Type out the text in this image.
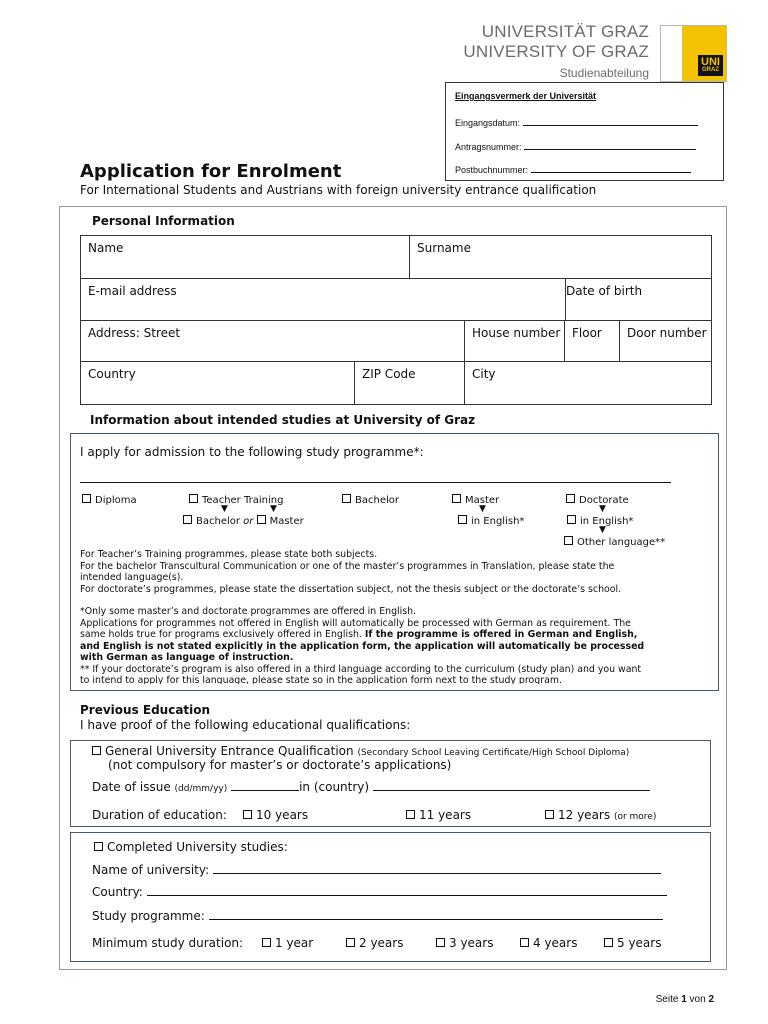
UNIVERSITÄT GRAZ
UNIVERSITY OF GRAZ
Studienabteilung
UNI
GRAZ
Eingangsvermerk der Universität
Eingangsdatum:
Antragsnummer:
Postbuchnummer:
Application for Enrolment
For International Students and Austrians with foreign university entrance qualification
Personal Information
Name	Surname
E-mail address	Date of birth
Address: Street	House number Floor	Door number
Country	ZIP Code	City
Information about intended studies at University of Graz
I apply for admission to the following study programme*:
Diploma	Teacher Training	Bachelor	Master	Doctorate
▼	▼	▼	▼
▼
Bachelor or Master	in English*	in English*
Other language**
For Teacher’s Training programmes, please state both subjects.
For the bachelor Transcultural Communication or one of the master’s programmes in Translation, please state the
intended language(s).
For doctorate’s programmes, please state the dissertation subject, not the thesis subject or the doctorate’s school.
*Only some master’s and doctorate programmes are offered in English.
Applications for programmes not offered in English will automatically be processed with German as requirement. The
same holds true for programs exclusively offered in English. If the programme is offered in German and English,
and English is not stated explicitly in the application form, the application will automatically be processed
with German as language of instruction.
** If your doctorate’s program is also offered in a third language according to the curriculum (study plan) and you want
to intend to apply for this language, please state so in the application form next to the study program.
Previous Education
I have proof of the following educational qualifications:
General University Entrance Qualification (Secondary School Leaving Certificate/High School Diploma)
(not compulsory for master’s or doctorate’s applications)
Date of issue (dd/mm/yy)	in (country)
Duration of education:	10 years	11 years	12 years (or more)
Completed University studies:
Name of university:
Country:
Study programme:
Minimum study duration:	1 year	2 years	3 years	4 years	5 years
Seite 1 von 2
